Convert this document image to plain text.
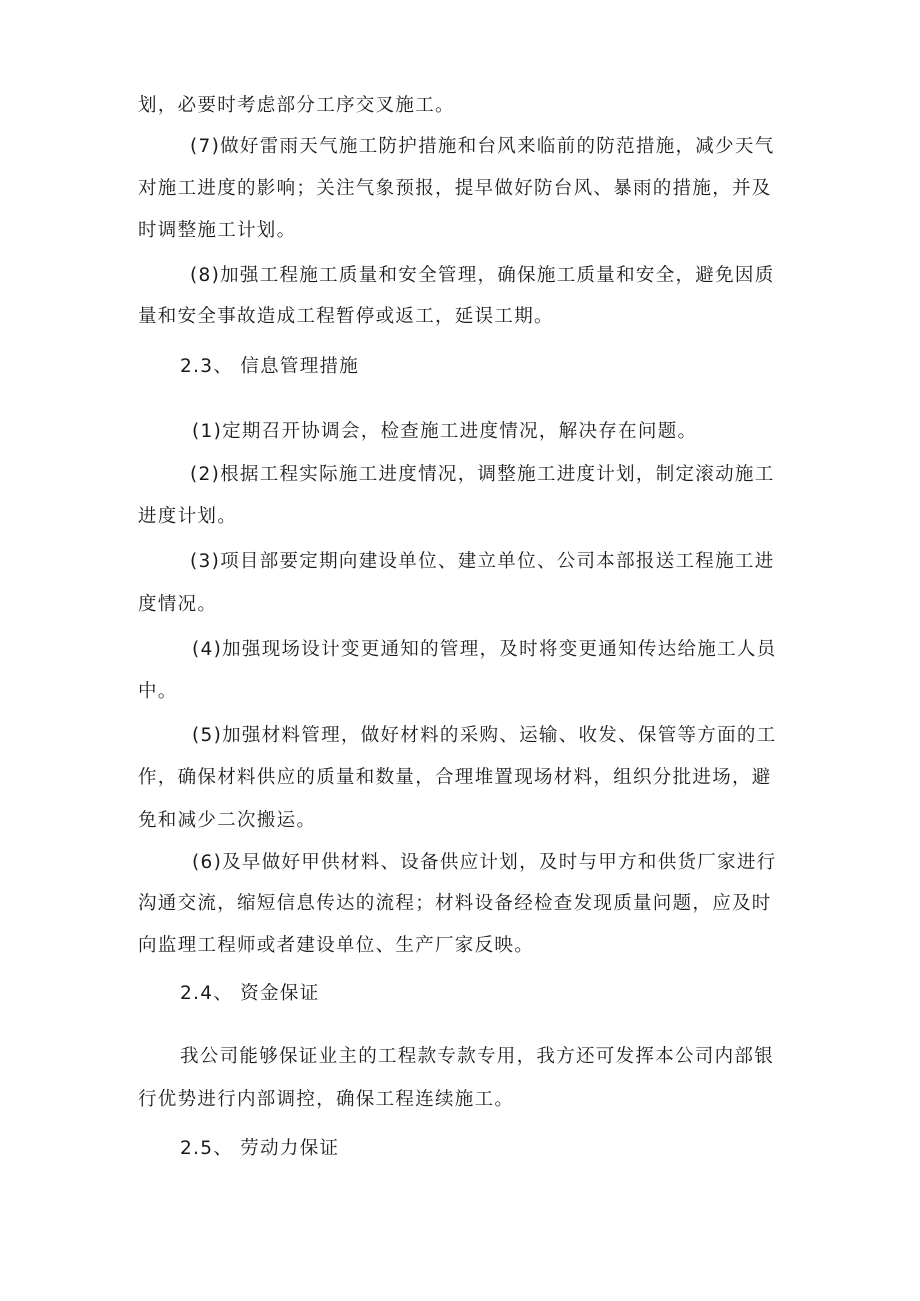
划，必要时考虑部分工序交叉施工。
(7)做好雷雨天气施工防护措施和台风来临前的防范措施，减少天气
对施工进度的影响；关注气象预报，提早做好防台风、暴雨的措施，并及
时调整施工计划。
(8)加强工程施工质量和安全管理，确保施工质量和安全，避免因质
量和安全事故造成工程暂停或返工，延误工期。
2.3、 信息管理措施
(1)定期召开协调会，检查施工进度情况，解决存在问题。
(2)根据工程实际施工进度情况，调整施工进度计划，制定滚动施工
进度计划。
(3)项目部要定期向建设单位、建立单位、公司本部报送工程施工进
度情况。
(4)加强现场设计变更通知的管理，及时将变更通知传达给施工人员
中。
(5)加强材料管理，做好材料的采购、运输、收发、保管等方面的工
作，确保材料供应的质量和数量，合理堆置现场材料，组织分批进场，避
免和减少二次搬运。
(6)及早做好甲供材料、设备供应计划，及时与甲方和供货厂家进行
沟通交流，缩短信息传达的流程；材料设备经检查发现质量问题，应及时
向监理工程师或者建设单位、生产厂家反映。
2.4、 资金保证
我公司能够保证业主的工程款专款专用，我方还可发挥本公司内部银
行优势进行内部调控，确保工程连续施工。
2.5、 劳动力保证
